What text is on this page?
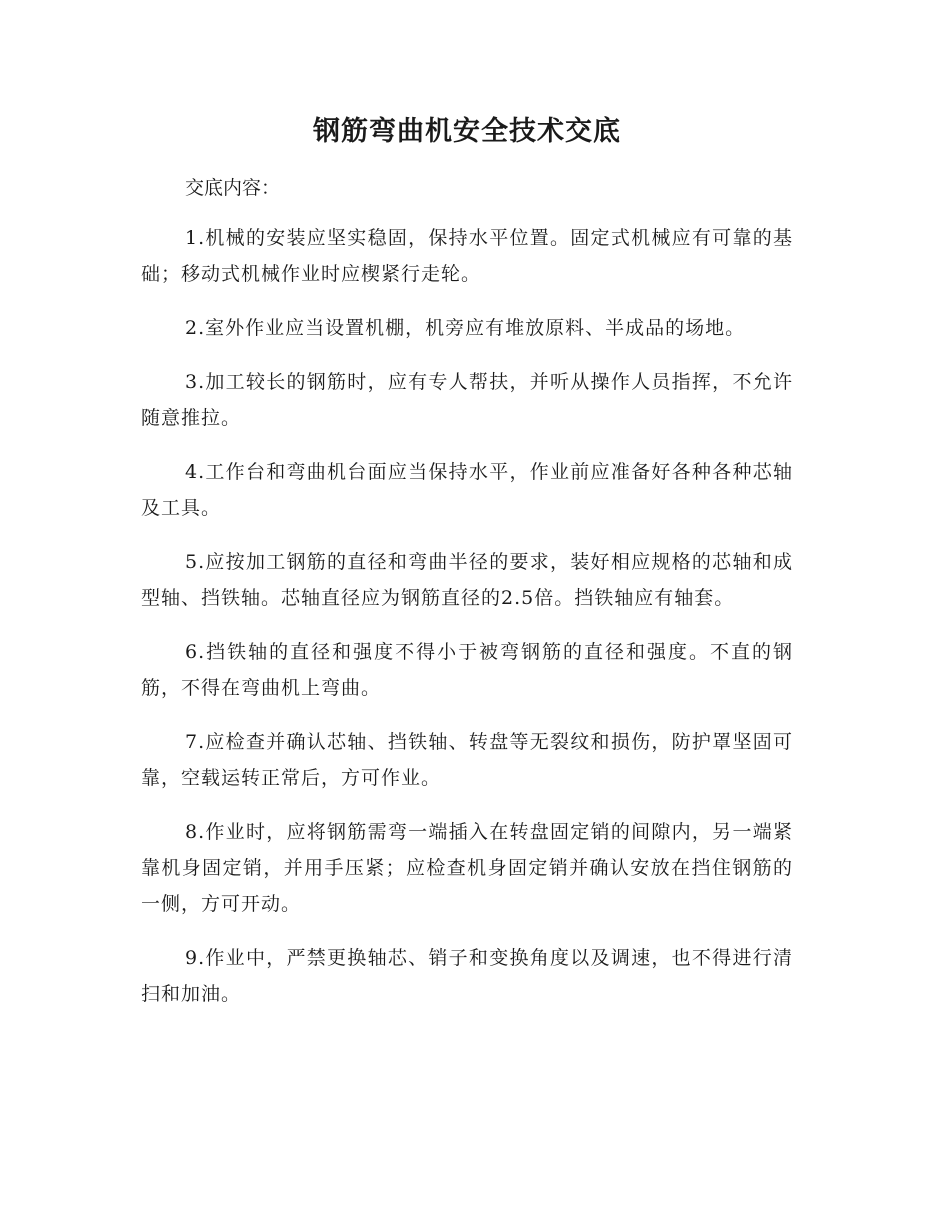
钢筋弯曲机安全技术交底

交底内容：

1.机械的安装应坚实稳固，保持水平位置。固定式机械应有可靠的基础；移动式机械作业时应楔紧行走轮。

2.室外作业应当设置机棚，机旁应有堆放原料、半成品的场地。

3.加工较长的钢筋时，应有专人帮扶，并听从操作人员指挥，不允许随意推拉。

4.工作台和弯曲机台面应当保持水平，作业前应准备好各种各种芯轴及工具。

5.应按加工钢筋的直径和弯曲半径的要求，装好相应规格的芯轴和成型轴、挡铁轴。芯轴直径应为钢筋直径的2.5倍。挡铁轴应有轴套。

6.挡铁轴的直径和强度不得小于被弯钢筋的直径和强度。不直的钢筋，不得在弯曲机上弯曲。

7.应检查并确认芯轴、挡铁轴、转盘等无裂纹和损伤，防护罩坚固可靠，空载运转正常后，方可作业。

8.作业时，应将钢筋需弯一端插入在转盘固定销的间隙内，另一端紧靠机身固定销，并用手压紧；应检查机身固定销并确认安放在挡住钢筋的一侧，方可开动。

9.作业中，严禁更换轴芯、销子和变换角度以及调速，也不得进行清扫和加油。
